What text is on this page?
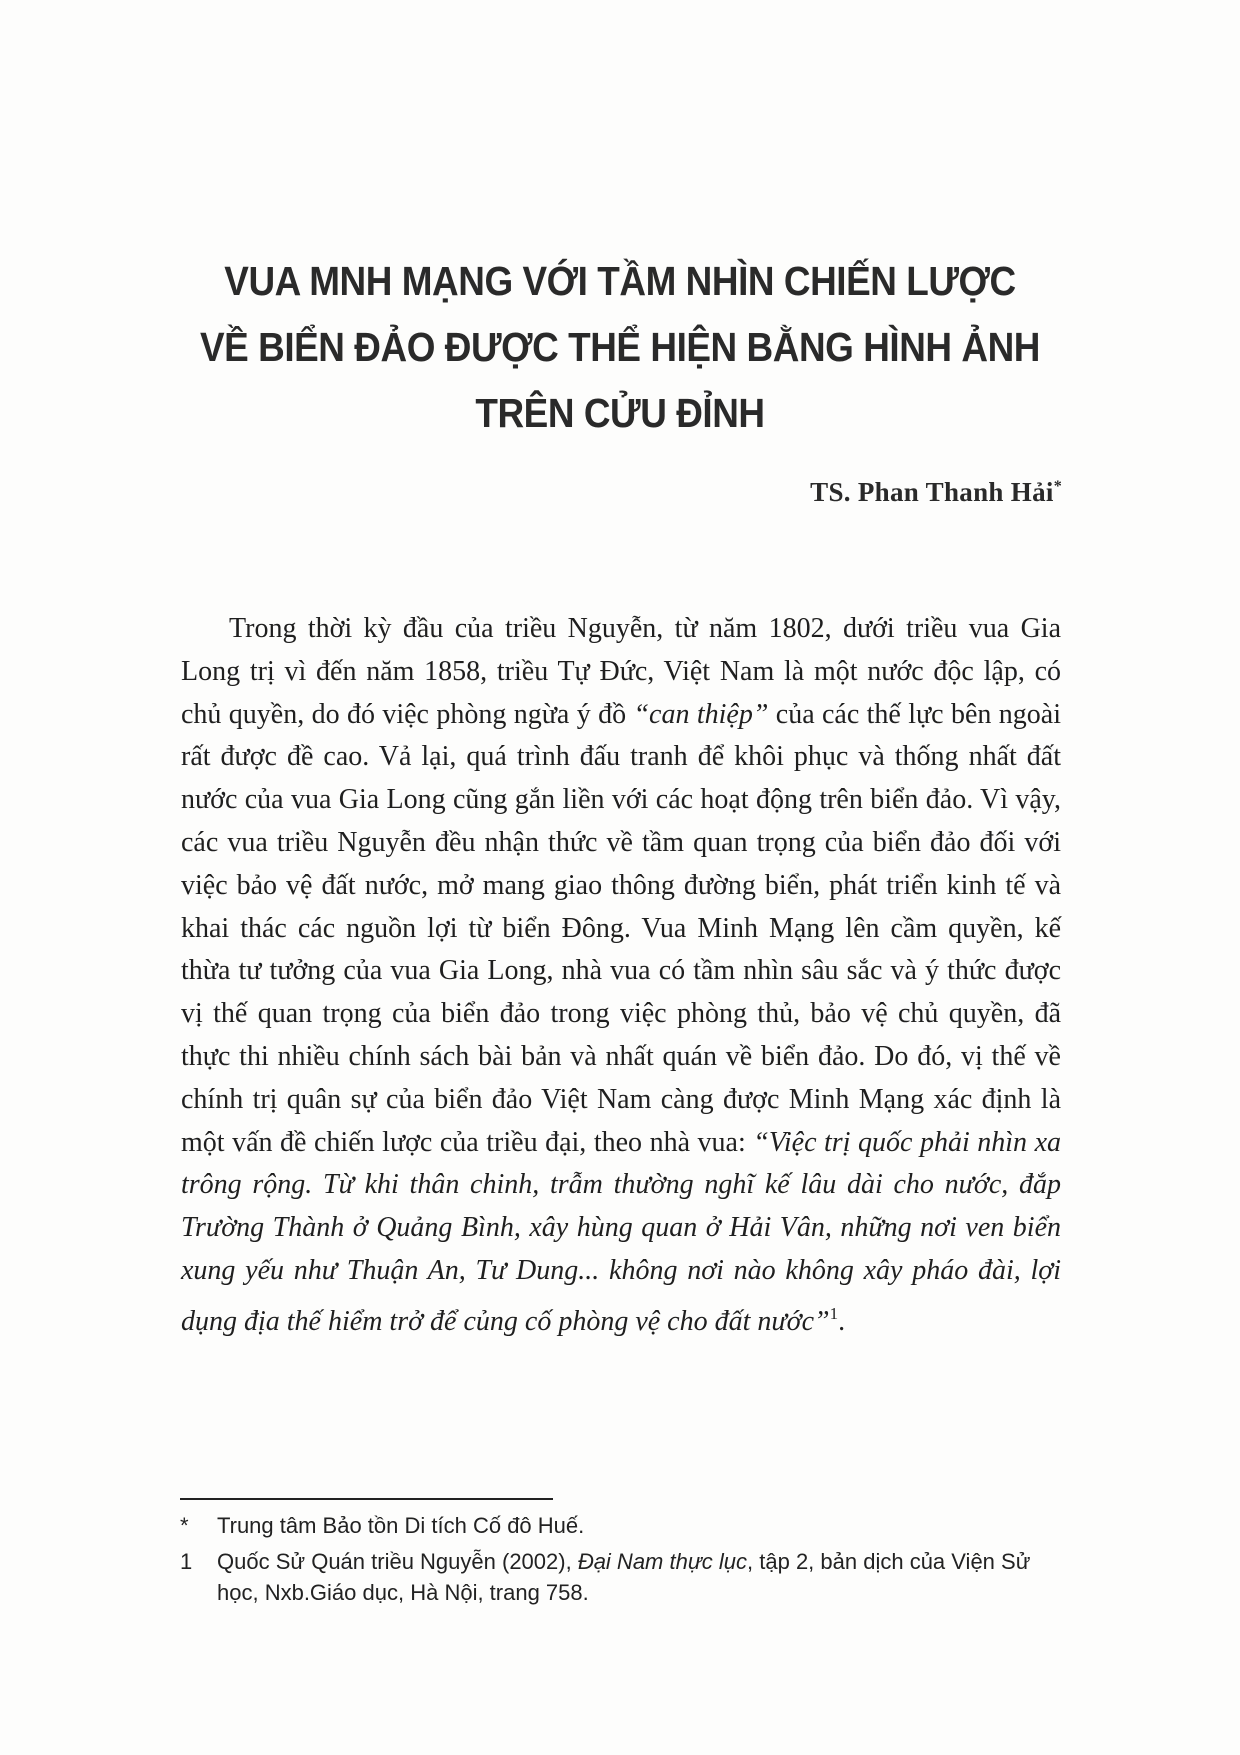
VUA MNH MẠNG VỚI TẦM NHÌN CHIẾN LƯỢC
VỀ BIỂN ĐẢO ĐƯỢC THỂ HIỆN BẰNG HÌNH ẢNH
TRÊN CỬU ĐỈNH

TS. Phan Thanh Hải*

Trong thời kỳ đầu của triều Nguyễn, từ năm 1802, dưới triều vua Gia Long trị vì đến năm 1858, triều Tự Đức, Việt Nam là một nước độc lập, có chủ quyền, do đó việc phòng ngừa ý đồ “can thiệp” của các thế lực bên ngoài rất được đề cao. Vả lại, quá trình đấu tranh để khôi phục và thống nhất đất nước của vua Gia Long cũng gắn liền với các hoạt động trên biển đảo. Vì vậy, các vua triều Nguyễn đều nhận thức về tầm quan trọng của biển đảo đối với việc bảo vệ đất nước, mở mang giao thông đường biển, phát triển kinh tế và khai thác các nguồn lợi từ biển Đông. Vua Minh Mạng lên cầm quyền, kế thừa tư tưởng của vua Gia Long, nhà vua có tầm nhìn sâu sắc và ý thức được vị thế quan trọng của biển đảo trong việc phòng thủ, bảo vệ chủ quyền, đã thực thi nhiều chính sách bài bản và nhất quán về biển đảo. Do đó, vị thế về chính trị quân sự của biển đảo Việt Nam càng được Minh Mạng xác định là một vấn đề chiến lược của triều đại, theo nhà vua: “Việc trị quốc phải nhìn xa trông rộng. Từ khi thân chinh, trẫm thường nghĩ kế lâu dài cho nước, đắp Trường Thành ở Quảng Bình, xây hùng quan ở Hải Vân, những nơi ven biển xung yếu như Thuận An, Tư Dung... không nơi nào không xây pháo đài, lợi dụng địa thế hiểm trở để củng cố phòng vệ cho đất nước”$^1$.

* Trung tâm Bảo tồn Di tích Cố đô Huế.

1 Quốc Sử Quán triều Nguyễn (2002), Đại Nam thực lục, tập 2, bản dịch của Viện Sử học, Nxb.Giáo dục, Hà Nội, trang 758.
